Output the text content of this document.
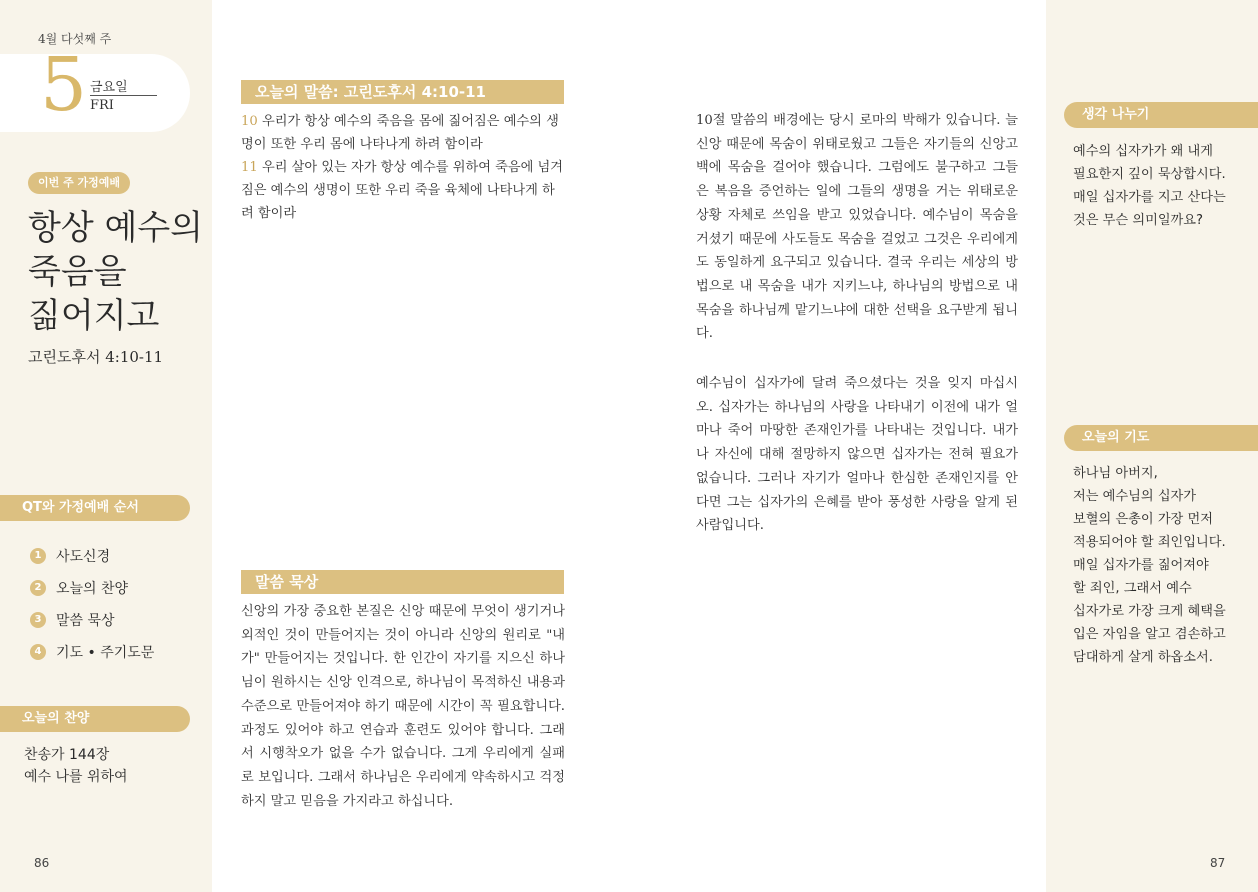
4월 다섯째 주
5 금요일
FRI
이번 주 가정예배
항상 예수의
죽음을
짊어지고
고린도후서 4:10-11
QT와 가정예배 순서
1	사도신경
2	오늘의 찬양
3	말씀 묵상
4	기도 • 주기도문
오늘의 찬양
찬송가 144장
예수 나를 위하여
86
오늘의 말씀: 고린도후서 4:10-11
10 우리가 항상 예수의 죽음을 몸에 짊어짐은 예수의 생명이 또한 우리 몸에 나타나게 하려 함이라
11 우리 살아 있는 자가 항상 예수를 위하여 죽음에 넘겨짐은 예수의 생명이 또한 우리 죽을 육체에 나타나게 하려 함이라
말씀 묵상
신앙의 가장 중요한 본질은 신앙 때문에 무엇이 생기거나 외적인 것이 만들어지는 것이 아니라 신앙의 원리로 "내가" 만들어지는 것입니다. 한 인간이 자기를 지으신 하나님이 원하시는 신앙 인격으로, 하나님이 목적하신 내용과 수준으로 만들어져야 하기 때문에 시간이 꼭 필요합니다. 과정도 있어야 하고 연습과 훈련도 있어야 합니다. 그래서 시행착오가 없을 수가 없습니다. 그게 우리에게 실패로 보입니다. 그래서 하나님은 우리에게 약속하시고 걱정하지 말고 믿음을 가지라고 하십니다.
10절 말씀의 배경에는 당시 로마의 박해가 있습니다. 늘 신앙 때문에 목숨이 위태로웠고 그들은 자기들의 신앙고백에 목숨을 걸어야 했습니다. 그럼에도 불구하고 그들은 복음을 증언하는 일에 그들의 생명을 거는 위태로운 상황 자체로 쓰임을 받고 있었습니다. 예수님이 목숨을 거셨기 때문에 사도들도 목숨을 걸었고 그것은 우리에게도 동일하게 요구되고 있습니다. 결국 우리는 세상의 방법으로 내 목숨을 내가 지키느냐, 하나님의 방법으로 내 목숨을 하나님께 맡기느냐에 대한 선택을 요구받게 됩니다.
예수님이 십자가에 달려 죽으셨다는 것을 잊지 마십시오. 십자가는 하나님의 사랑을 나타내기 이전에 내가 얼마나 죽어 마땅한 존재인가를 나타내는 것입니다. 내가 나 자신에 대해 절망하지 않으면 십자가는 전혀 필요가 없습니다. 그러나 자기가 얼마나 한심한 존재인지를 안다면 그는 십자가의 은혜를 받아 풍성한 사랑을 알게 된 사람입니다.
생각 나누기
예수의 십자가가 왜 내게
필요한지 깊이 묵상합시다.
매일 십자가를 지고 산다는
것은 무슨 의미일까요?
오늘의 기도
하나님 아버지,
저는 예수님의 십자가
보혈의 은총이 가장 먼저
적용되어야 할 죄인입니다.
매일 십자가를 짊어져야
할 죄인, 그래서 예수
십자가로 가장 크게 혜택을
입은 자임을 알고 겸손하고
담대하게 살게 하옵소서.
87
